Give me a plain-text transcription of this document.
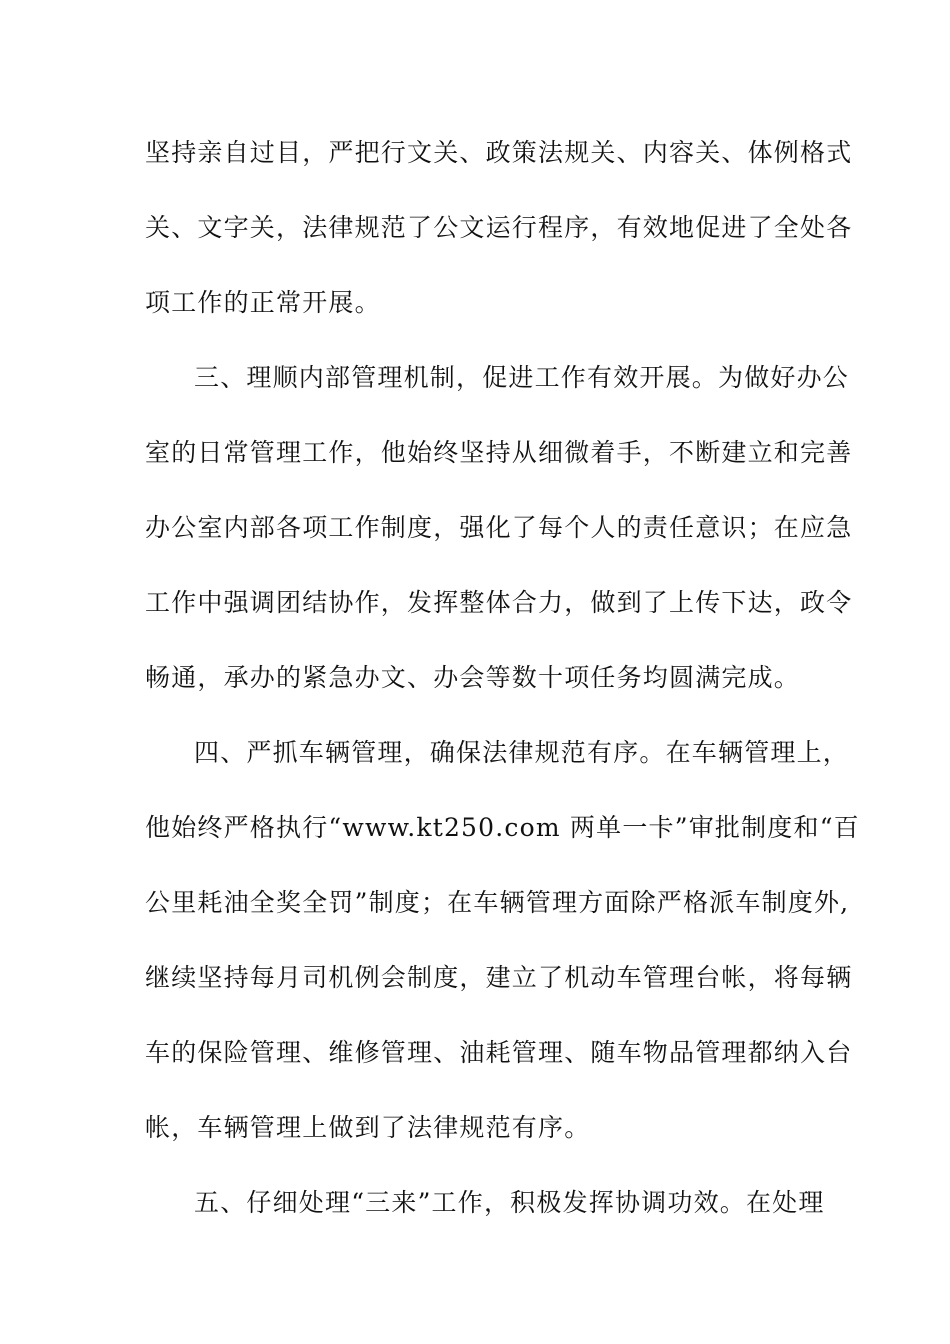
坚持亲自过目，严把行文关、政策法规关、内容关、体例格式
关、文字关，法律规范了公文运行程序，有效地促进了全处各
项工作的正常开展。
三、理顺内部管理机制，促进工作有效开展。为做好办公
室的日常管理工作，他始终坚持从细微着手，不断建立和完善
办公室内部各项工作制度，强化了每个人的责任意识；在应急
工作中强调团结协作，发挥整体合力，做到了上传下达，政令
畅通，承办的紧急办文、办会等数十项任务均圆满完成。
四、严抓车辆管理，确保法律规范有序。在车辆管理上，
他始终严格执行“www.kt250.com 两单一卡”审批制度和“百
公里耗油全奖全罚”制度；在车辆管理方面除严格派车制度外,
继续坚持每月司机例会制度，建立了机动车管理台帐，将每辆
车的保险管理、维修管理、油耗管理、随车物品管理都纳入台
帐，车辆管理上做到了法律规范有序。
五、仔细处理“三来”工作，积极发挥协调功效。在处理
